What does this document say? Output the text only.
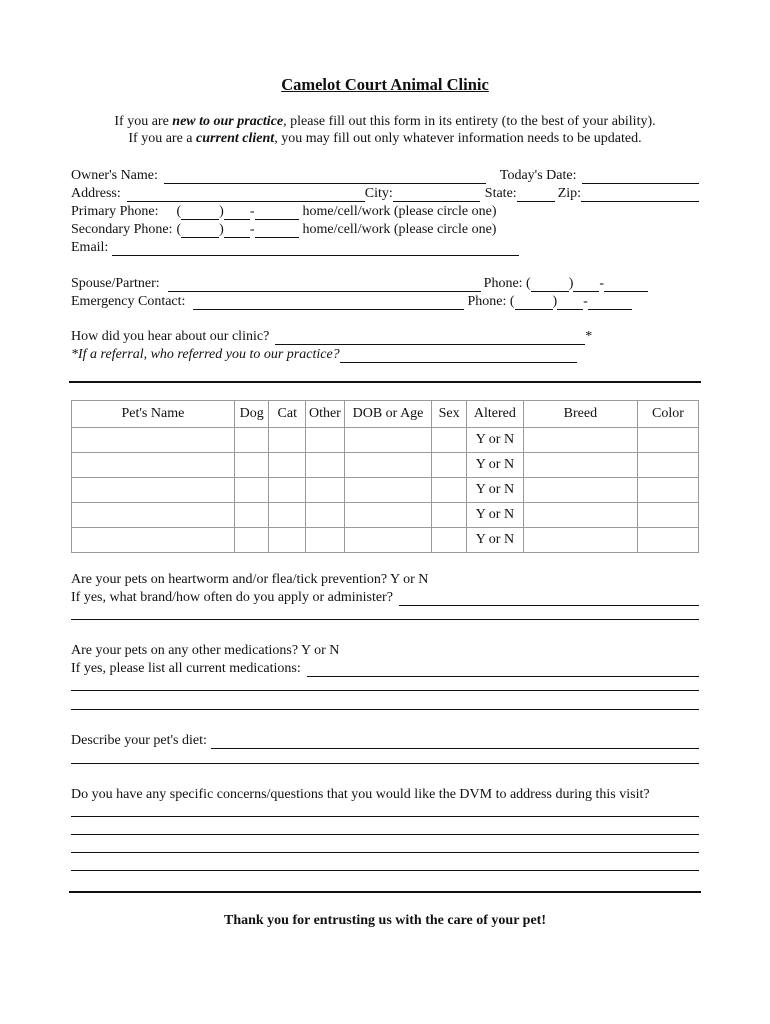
Camelot Court Animal Clinic
If you are new to our practice, please fill out this form in its entirety (to the best of your ability).
If you are a current client, you may fill out only whatever information needs to be updated.
Owner's Name:	Today's Date:
Address:	City:	State:	Zip:
Primary Phone: (	) -	home/cell/work (please circle one)
Secondary Phone: (	) -	home/cell/work (please circle one)
Email:
Spouse/Partner:	Phone: (	) -
Emergency Contact:	Phone: (	) -
How did you hear about our clinic?	*
*If a referral, who referred you to our practice?
Pet's Name	Dog	Cat	Other	DOB or Age	Sex	Altered	Breed	Color
						Y or N		
						Y or N		
						Y or N		
						Y or N		
						Y or N		
Are your pets on heartworm and/or flea/tick prevention? Y or N
If yes, what brand/how often do you apply or administer?
Are your pets on any other medications? Y or N
If yes, please list all current medications:
Describe your pet's diet:
Do you have any specific concerns/questions that you would like the DVM to address during this visit?
Thank you for entrusting us with the care of your pet!
